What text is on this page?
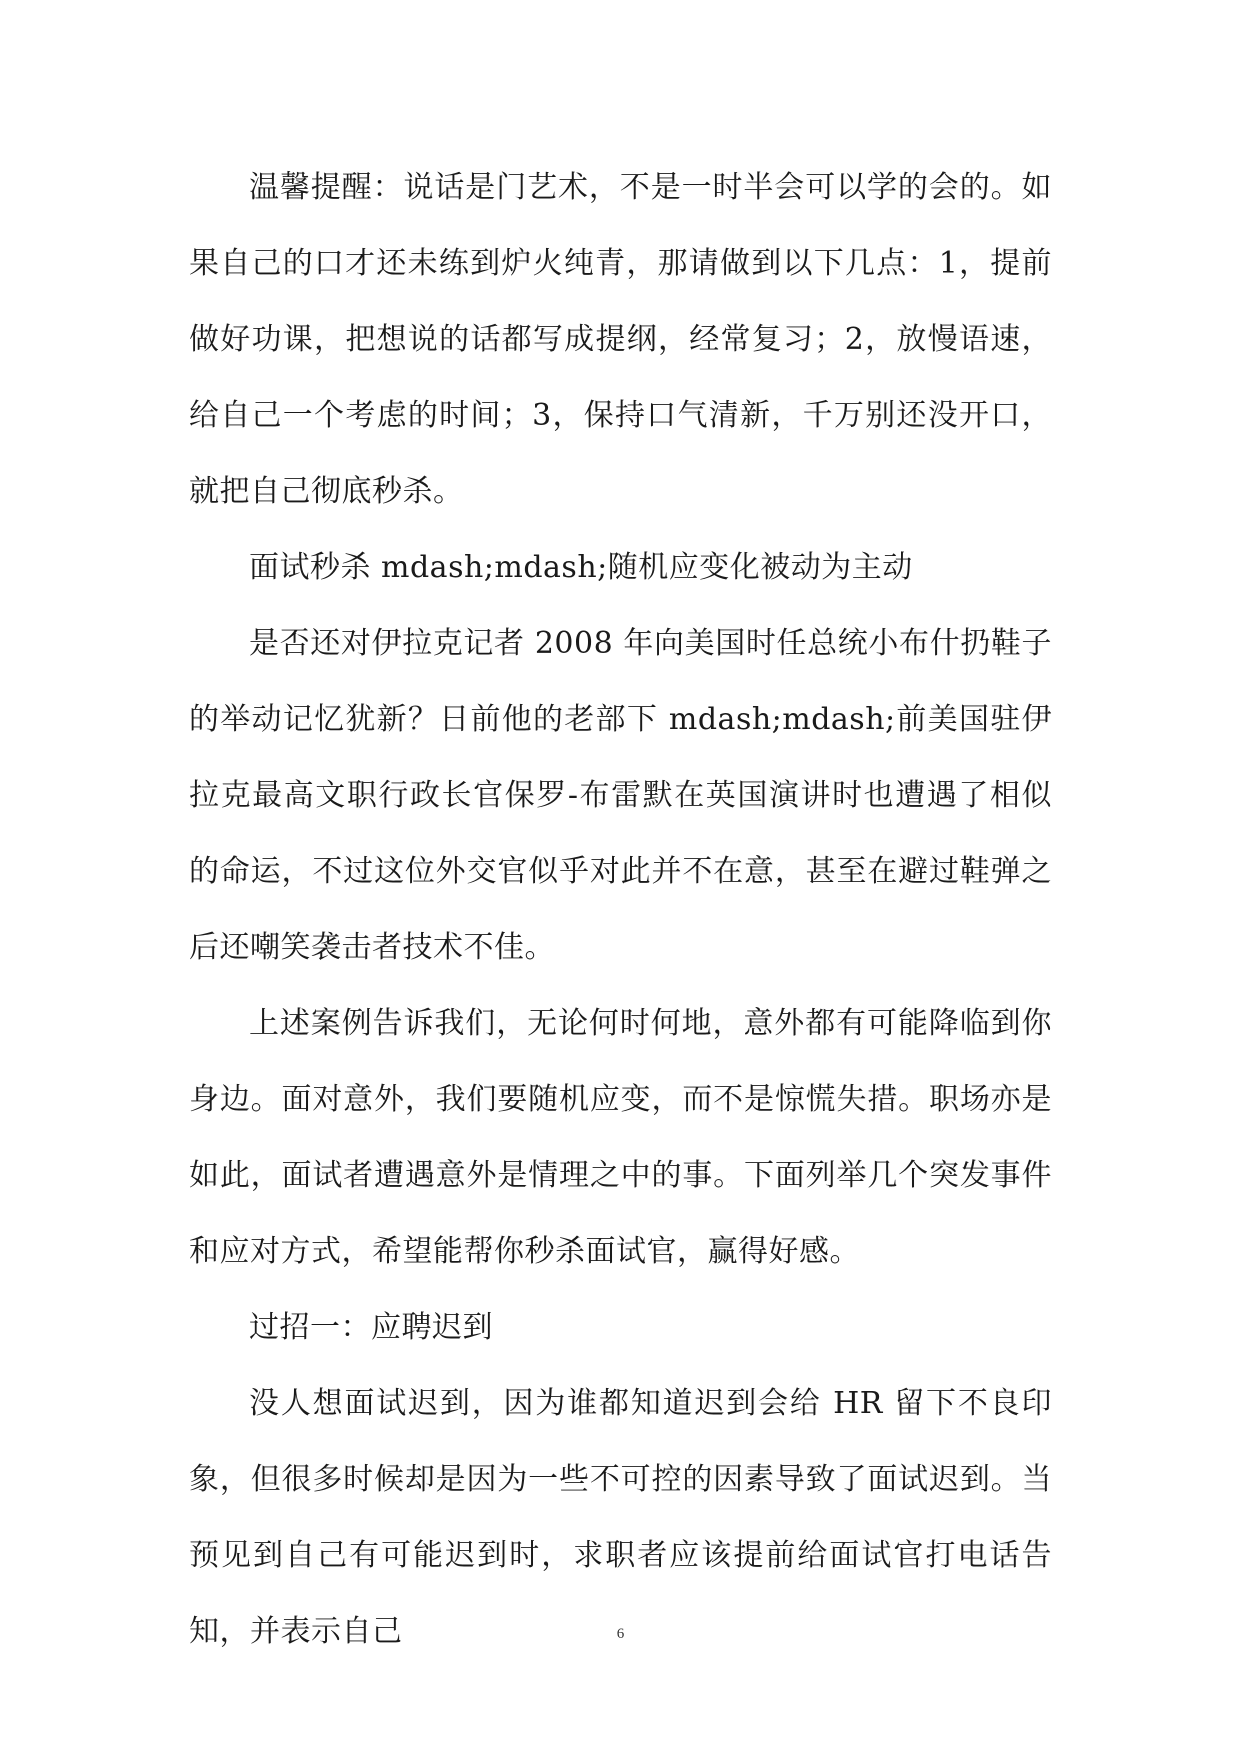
温馨提醒：说话是门艺术，不是一时半会可以学的会的。如果自己的口才还未练到炉火纯青，那请做到以下几点：1，提前做好功课，把想说的话都写成提纲，经常复习；2，放慢语速，给自己一个考虑的时间；3，保持口气清新，千万别还没开口，就把自己彻底秒杀。

面试秒杀 mdash;mdash;随机应变化被动为主动

是否还对伊拉克记者 2008 年向美国时任总统小布什扔鞋子的举动记忆犹新？日前他的老部下 mdash;mdash;前美国驻伊拉克最高文职行政长官保罗-布雷默在英国演讲时也遭遇了相似的命运，不过这位外交官似乎对此并不在意，甚至在避过鞋弹之后还嘲笑袭击者技术不佳。

上述案例告诉我们，无论何时何地，意外都有可能降临到你身边。面对意外，我们要随机应变，而不是惊慌失措。职场亦是如此，面试者遭遇意外是情理之中的事。下面列举几个突发事件和应对方式，希望能帮你秒杀面试官，赢得好感。

过招一：应聘迟到

没人想面试迟到，因为谁都知道迟到会给 HR 留下不良印象，但很多时候却是因为一些不可控的因素导致了面试迟到。当预见到自己有可能迟到时，求职者应该提前给面试官打电话告知，并表示自己	6
